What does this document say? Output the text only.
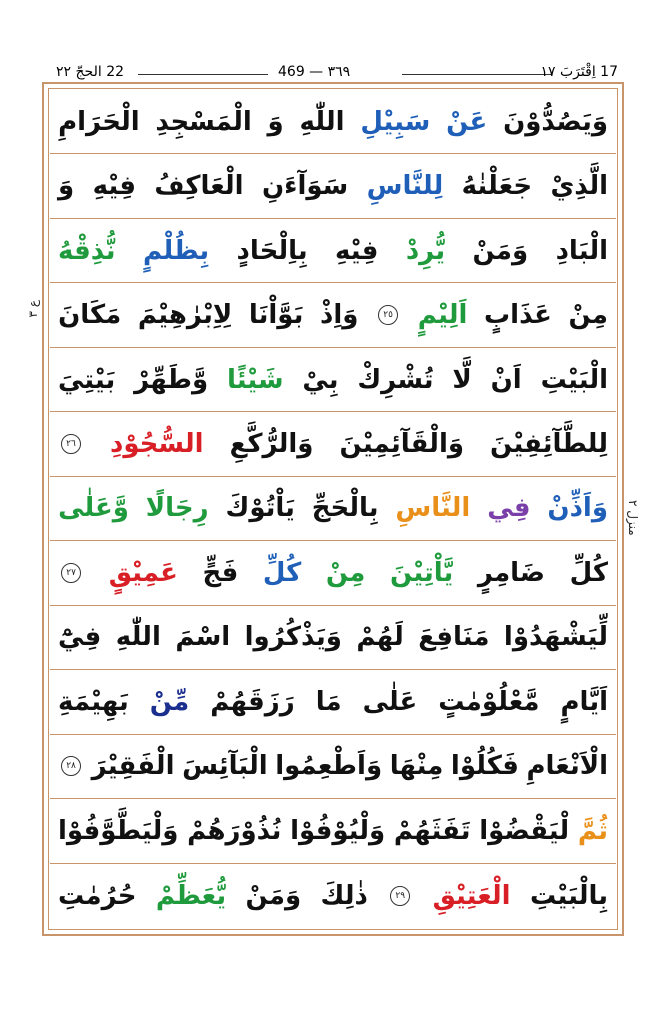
22 الحجّ ٢٢	٣٦٩ — 469	17 اِقْتَرَبَ ١٧
وَيَصُدُّوْنَ
عَنْ
سَبِيْلِ
اللّٰهِ
وَ
الْمَسْجِدِ
الْحَرَامِ
الَّذِيْ
جَعَلْنٰهُ
لِلنَّاسِ
سَوَآءَنِ
الْعَاكِفُ
فِيْهِ
وَ
الْبَادِ
وَمَنْ
يُّرِدْ
فِيْهِ
بِاِلْحَادٍ
بِظُلْمٍ
نُّذِقْهُ
مِنْ
عَذَابٍ
اَلِيْمٍ
٢٥
وَاِذْ
بَوَّاْنَا
لِاِبْرٰهِيْمَ
مَكَانَ
الْبَيْتِ
اَنْ
لَّا
تُشْرِكْ
بِيْ
شَيْئًا
وَّطَهِّرْ
بَيْتِيَ
لِلطَّآئِفِيْنَ
وَالْقَآئِمِيْنَ
وَالرُّكَّعِ
السُّجُوْدِ
٢٦
وَاَذِّنْ
فِي
النَّاسِ
بِالْحَجِّ
يَاْتُوْكَ
رِجَالًا
وَّعَلٰى
كُلِّ
ضَامِرٍ
يَّاْتِيْنَ
مِنْ
كُلِّ
فَجٍّ
عَمِيْقٍ
٢٧
لِّيَشْهَدُوْا
مَنَافِعَ
لَهُمْ
وَيَذْكُرُوا
اسْمَ
اللّٰهِ
فِيْٓ
اَيَّامٍ
مَّعْلُوْمٰتٍ
عَلٰى
مَا
رَزَقَهُمْ
مِّنْ
بَهِيْمَةِ
الْاَنْعَامِ
فَكُلُوْا
مِنْهَا
وَاَطْعِمُوا
الْبَآئِسَ
الْفَقِيْرَ
٢٨
ثُمَّ
لْيَقْضُوْا
تَفَثَهُمْ
وَلْيُوْفُوْا
نُذُوْرَهُمْ
وَلْيَطَّوَّفُوْا
بِالْبَيْتِ
الْعَتِيْقِ
٢٩
ذٰلِكَ
وَمَنْ
يُّعَظِّمْ
حُرُمٰتِ
ع ٣
منزل ٢
